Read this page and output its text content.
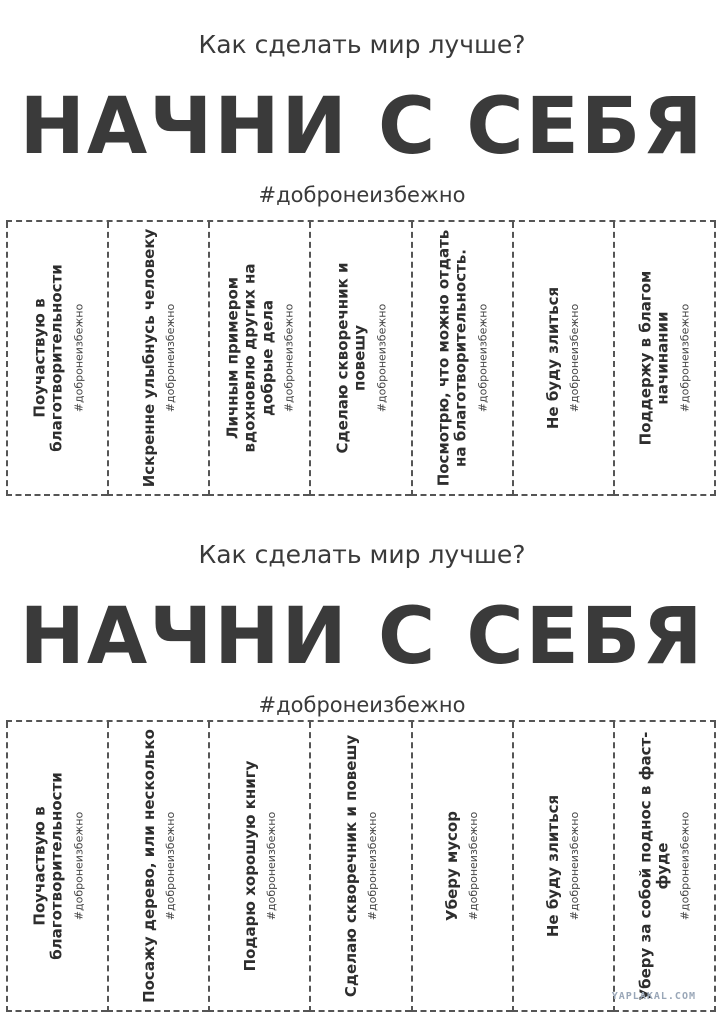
Как сделать мир лучше?
НАЧНИ С СЕБЯ
#добронеизбежно
Поучаствую в благотворительности #добронеизбежно	Искренне улыбнусь человеку #добронеизбежно	Личным примером вдохновлю других на добрые дела #добронеизбежно	Сделаю скворечник и повешу #добронеизбежно	Посмотрю, что можно отдать на благотворительность. #добронеизбежно	Не буду злиться #добронеизбежно	Поддержу в благом начинании #добронеизбежно
Как сделать мир лучше?
НАЧНИ С СЕБЯ
#добронеизбежно
Поучаствую в благотворительности #добронеизбежно	Посажу дерево, или несколько #добронеизбежно	Подарю хорошую книгу #добронеизбежно	Сделаю скворечник и повешу #добронеизбежно	Уберу мусор #добронеизбежно	Не буду злиться #добронеизбежно	Уберу за собой поднос в фаст-фуде #добронеизбежно
YAPLAKAL.COM
